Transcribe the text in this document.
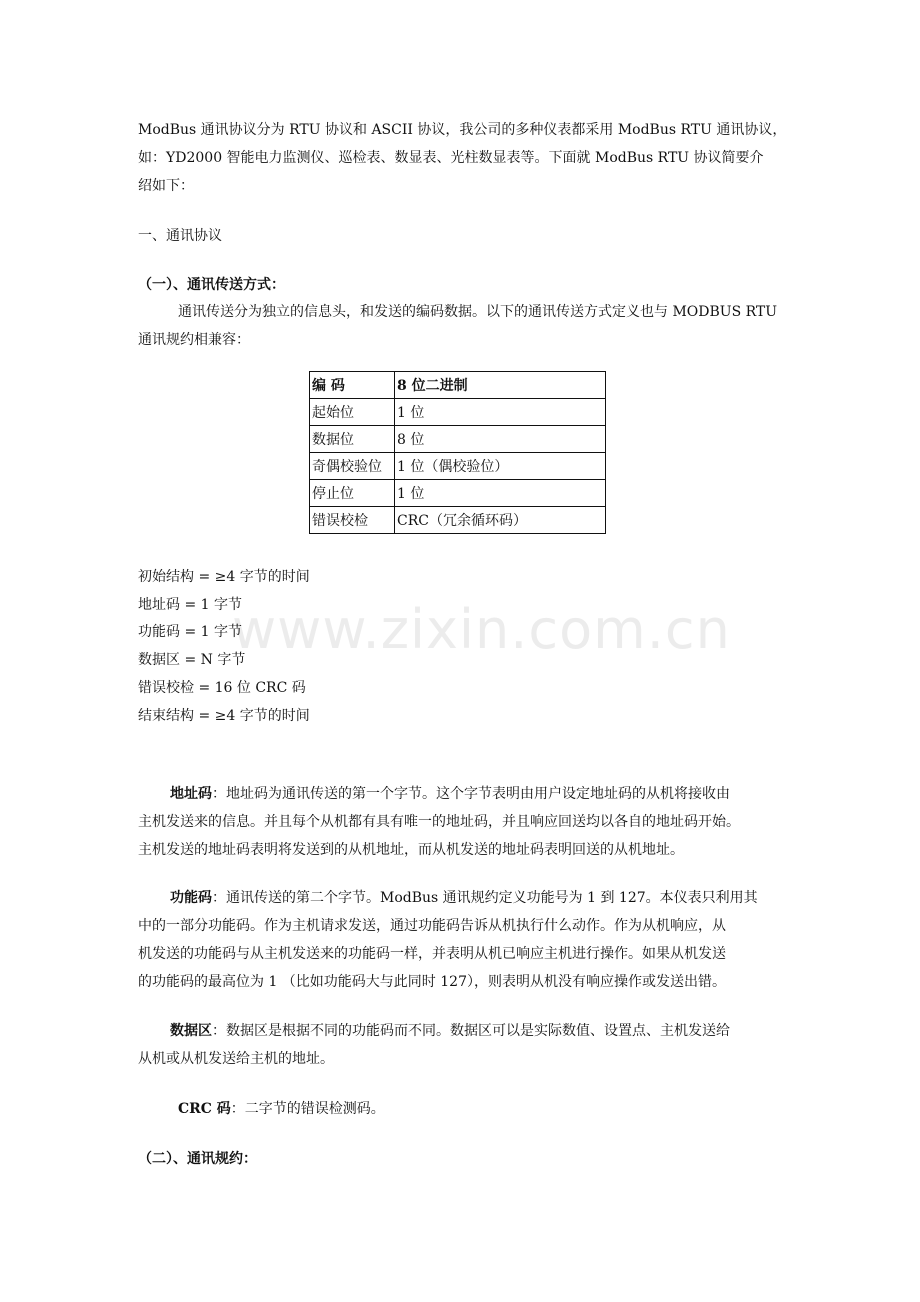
www.zixin.com.cn
ModBus 通讯协议分为 RTU 协议和 ASCII 协议，我公司的多种仪表都采用 ModBus RTU 通讯协议，
如：YD2000 智能电力监测仪、巡检表、数显表、光柱数显表等。下面就 ModBus RTU 协议简要介
绍如下：
一、通讯协议
（一）、通讯传送方式：
通讯传送分为独立的信息头，和发送的编码数据。以下的通讯传送方式定义也与 MODBUS RTU
通讯规约相兼容：
编 码	8 位二进制
起始位	1 位
数据位	8 位
奇偶校验位	1 位（偶校验位）
停止位	1 位
错误校检	CRC（冗余循环码）
初始结构 = ≥4 字节的时间
地址码 = 1 字节
功能码 = 1 字节
数据区 = N 字节
错误校检 = 16 位 CRC 码
结束结构 = ≥4 字节的时间
地址码：地址码为通讯传送的第一个字节。这个字节表明由用户设定地址码的从机将接收由
主机发送来的信息。并且每个从机都有具有唯一的地址码，并且响应回送均以各自的地址码开始。
主机发送的地址码表明将发送到的从机地址，而从机发送的地址码表明回送的从机地址。
功能码：通讯传送的第二个字节。ModBus 通讯规约定义功能号为 1 到 127。本仪表只利用其
中的一部分功能码。作为主机请求发送，通过功能码告诉从机执行什么动作。作为从机响应，从
机发送的功能码与从主机发送来的功能码一样，并表明从机已响应主机进行操作。如果从机发送
的功能码的最高位为 1 （比如功能码大与此同时 127），则表明从机没有响应操作或发送出错。
数据区：数据区是根据不同的功能码而不同。数据区可以是实际数值、设置点、主机发送给
从机或从机发送给主机的地址。
CRC 码：二字节的错误检测码。
（二）、通讯规约：
